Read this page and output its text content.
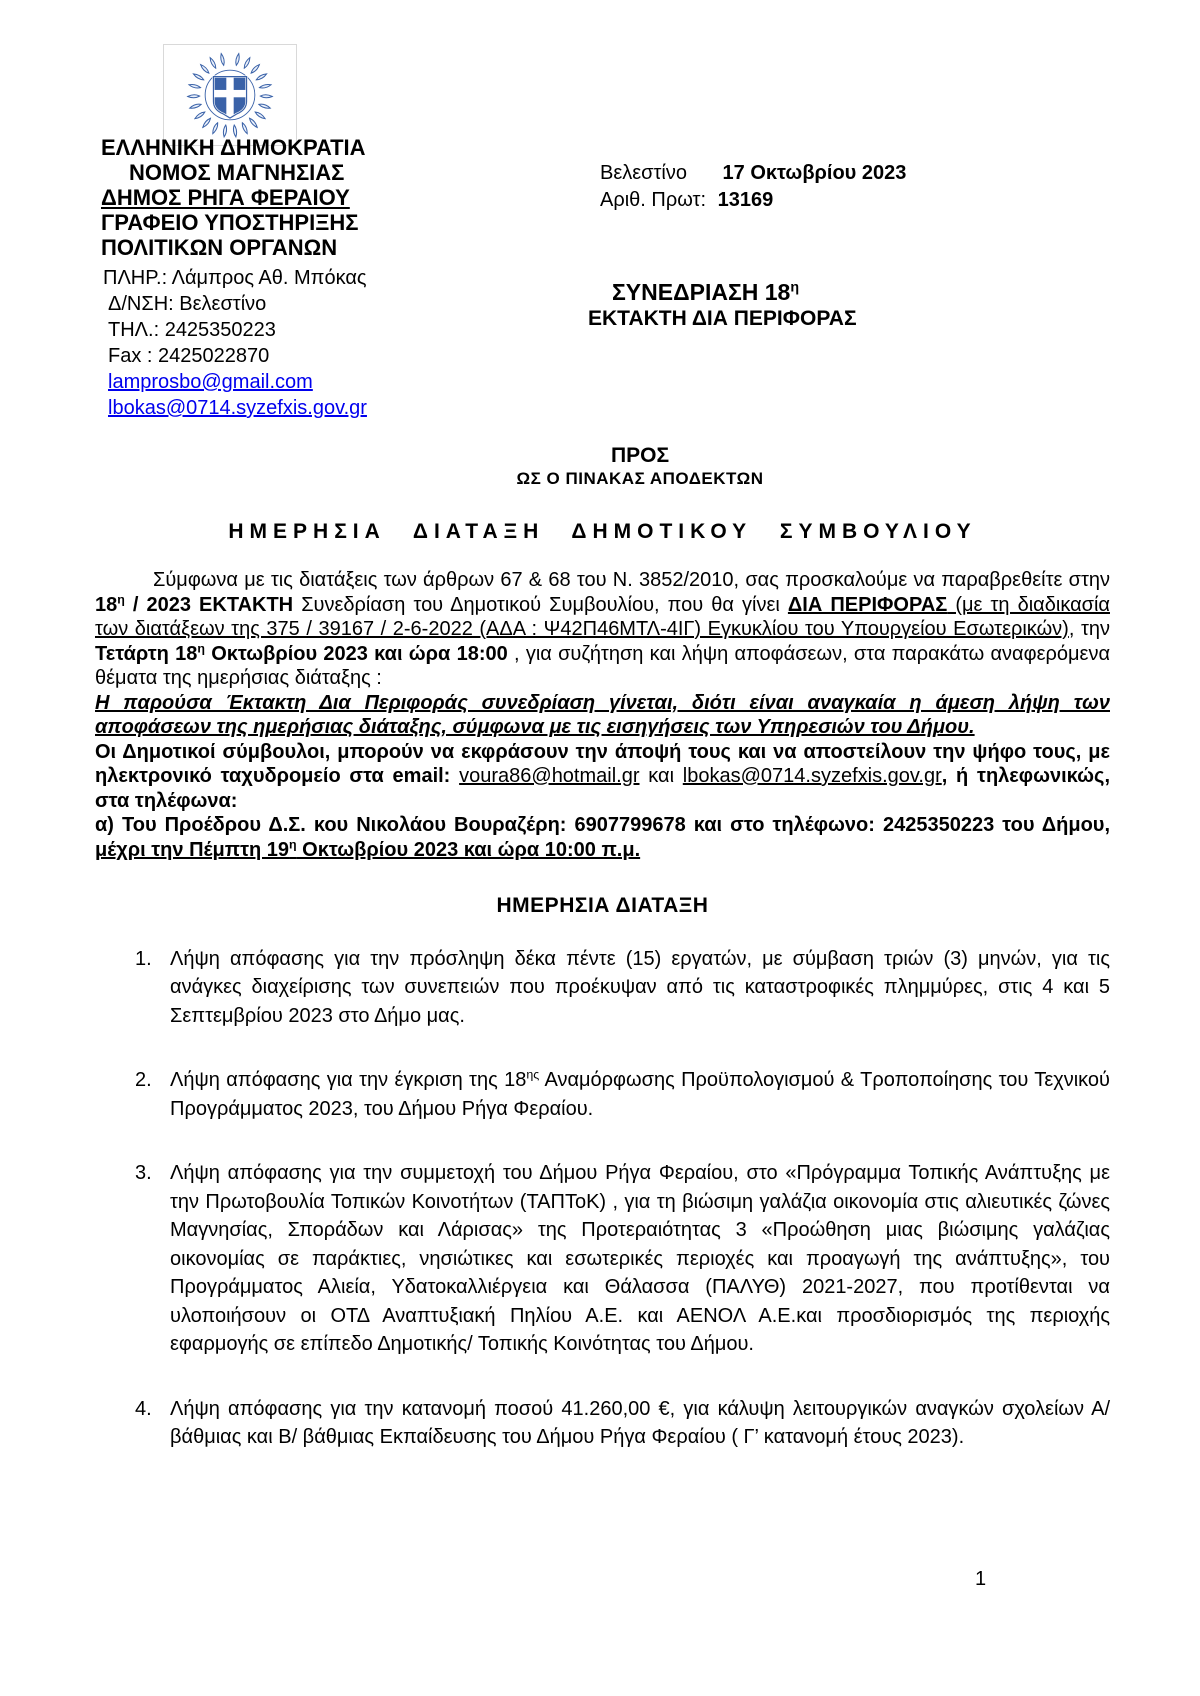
ΕΛΛΗΝΙΚΗ ΔΗΜΟΚΡΑΤΙΑ
ΝΟΜΟΣ ΜΑΓΝΗΣΙΑΣ
ΔΗΜΟΣ ΡΗΓΑ ΦΕΡΑΙΟΥ
ΓΡΑΦΕΙΟ ΥΠΟΣΤΗΡΙΞΗΣ
ΠΟΛΙΤΙΚΩΝ ΟΡΓΑΝΩΝ
ΠΛΗΡ.: Λάμπρος Αθ. Μπόκας
Δ/ΝΣΗ: Βελεστίνο
ΤΗΛ.: 2425350223
Fax : 2425022870
lamprosbo@gmail.com
lbokas@0714.syzefxis.gov.gr
Βελεστίνο 17 Οκτωβρίου 2023
Αριθ. Πρωτ: 13169
ΣΥΝΕΔΡΙΑΣΗ $18^\eta$
ΕΚΤΑΚΤΗ ΔΙΑ ΠΕΡΙΦΟΡΑΣ
ΠΡΟΣ
ΩΣ Ο ΠΙΝΑΚΑΣ ΑΠΟΔΕΚΤΩΝ
ΗΜΕΡΗΣΙΑ ΔΙΑΤΑΞΗ ΔΗΜΟΤΙΚΟΥ ΣΥΜΒΟΥΛΙΟΥ

Σύμφωνα με τις διατάξεις των άρθρων 67 & 68 του Ν. 3852/2010, σας προσκαλούμε να παραβρεθείτε στην $18^\eta / 2023$ ΕΚΤΑΚΤΗ Συνεδρίαση του Δημοτικού Συμβουλίου, που θα γίνει ΔΙΑ ΠΕΡΙΦΟΡΑΣ (με τη διαδικασία των διατάξεων της 375 / 39167 / 2-6-2022 (ΑΔΑ : Ψ42Π46ΜΤΛ-4ΙΓ) Εγκυκλίου του Υπουργείου Εσωτερικών), την Τετάρτη $18^\eta$ Οκτωβρίου 2023 και ώρα 18:00 , για συζήτηση και λήψη αποφάσεων, στα παρακάτω αναφερόμενα θέματα της ημερήσιας διάταξης :

Η παρούσα Έκτακτη Δια Περιφοράς συνεδρίαση γίνεται, διότι είναι αναγκαία η άμεση λήψη των αποφάσεων της ημερήσιας διάταξης, σύμφωνα με τις εισηγήσεις των Υπηρεσιών του Δήμου.

Οι Δημοτικοί σύμβουλοι, μπορούν να εκφράσουν την άποψή τους και να αποστείλουν την ψήφο τους, με ηλεκτρονικό ταχυδρομείο στα email: voura86@hotmail.gr και lbokas@0714.syzefxis.gov.gr, ή τηλεφωνικώς, στα τηλέφωνα:

α) Του Προέδρου Δ.Σ. κου Νικολάου Βουραζέρη: 6907799678 και στο τηλέφωνο: 2425350223 του Δήμου, μέχρι την Πέμπτη $19^\eta$ Οκτωβρίου 2023 και ώρα 10:00 π.μ.

ΗΜΕΡΗΣΙΑ ΔΙΑΤΑΞΗ
1. Λήψη απόφασης για την πρόσληψη δέκα πέντε (15) εργατών, με σύμβαση τριών (3) μηνών, για τις ανάγκες διαχείρισης των συνεπειών που προέκυψαν από τις καταστροφικές πλημμύρες, στις 4 και 5 Σεπτεμβρίου 2023 στο Δήμο μας.
2. Λήψη απόφασης για την έγκριση της $18^{\eta\varsigma}$ Αναμόρφωσης Προϋπολογισμού & Τροποποίησης του Τεχνικού Προγράμματος 2023, του Δήμου Ρήγα Φεραίου.
3. Λήψη απόφασης για την συμμετοχή του Δήμου Ρήγα Φεραίου, στο «Πρόγραμμα Τοπικής Ανάπτυξης με την Πρωτοβουλία Τοπικών Κοινοτήτων (ΤΑΠΤοΚ) , για τη βιώσιμη γαλάζια οικονομία στις αλιευτικές ζώνες Μαγνησίας, Σποράδων και Λάρισας» της Προτεραιότητας 3 «Προώθηση μιας βιώσιμης γαλάζιας οικονομίας σε παράκτιες, νησιώτικες και εσωτερικές περιοχές και προαγωγή της ανάπτυξης», του Προγράμματος Αλιεία, Υδατοκαλλιέργεια και Θάλασσα (ΠΑΛΥΘ) 2021-2027, που προτίθενται να υλοποιήσουν οι ΟΤΔ Αναπτυξιακή Πηλίου Α.Ε. και ΑΕΝΟΛ Α.Ε.και προσδιορισμός της περιοχής εφαρμογής σε επίπεδο Δημοτικής/ Τοπικής Κοινότητας του Δήμου.
4. Λήψη απόφασης για την κατανομή ποσού 41.260,00 €, για κάλυψη λειτουργικών αναγκών σχολείων Α/βάθμιας και Β/ βάθμιας Εκπαίδευσης του Δήμου Ρήγα Φεραίου ( Γ’ κατανομή έτους 2023).
1
